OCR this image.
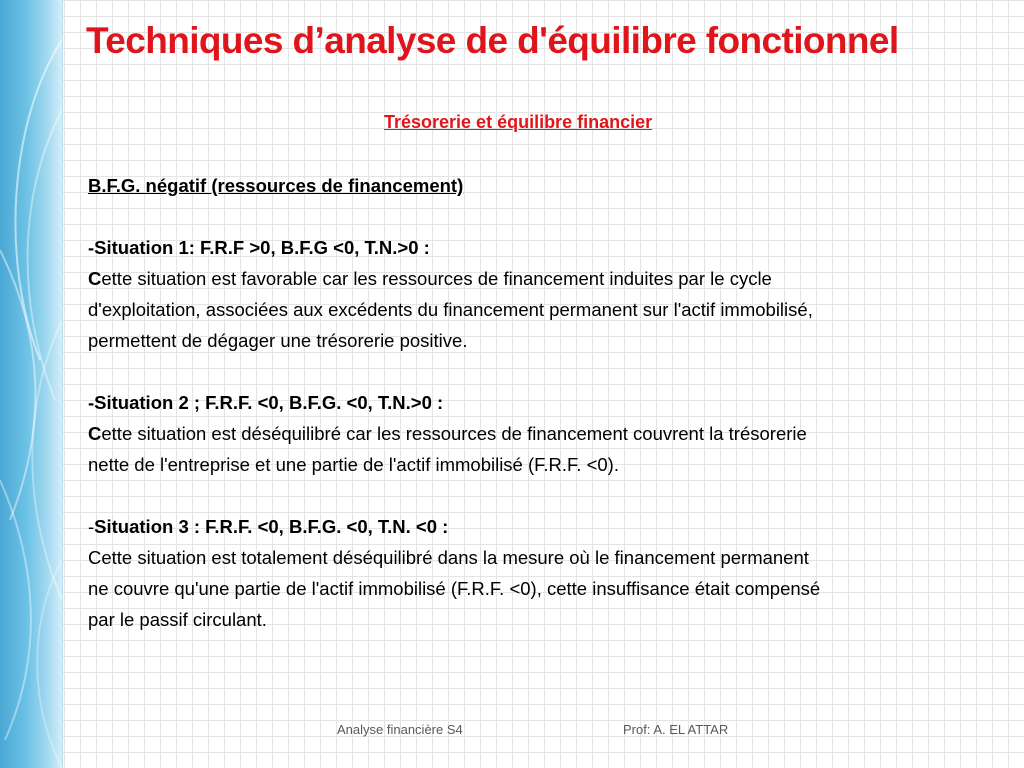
Techniques d’analyse de d'équilibre fonctionnel
Trésorerie et équilibre financier

B.F.G. négatif (ressources de financement)

-Situation 1: F.R.F >0, B.F.G <0, T.N.>0 :

Cette situation est favorable car les ressources de financement induites par le cycle

d'exploitation, associées aux excédents du financement permanent sur l'actif immobilisé,

permettent de dégager une trésorerie positive.

-Situation 2 ; F.R.F. <0, B.F.G. <0, T.N.>0 :

Cette situation est déséquilibré car les ressources de financement couvrent la trésorerie

nette de l'entreprise et une partie de l'actif immobilisé (F.R.F. <0).

-Situation 3 : F.R.F. <0, B.F.G. <0, T.N. <0 :

Cette situation est totalement déséquilibré dans la mesure où le financement permanent

ne couvre qu'une partie de l'actif immobilisé (F.R.F. <0), cette insuffisance était compensé

par le passif circulant.

Analyse financière S4	Prof: A. EL ATTAR
